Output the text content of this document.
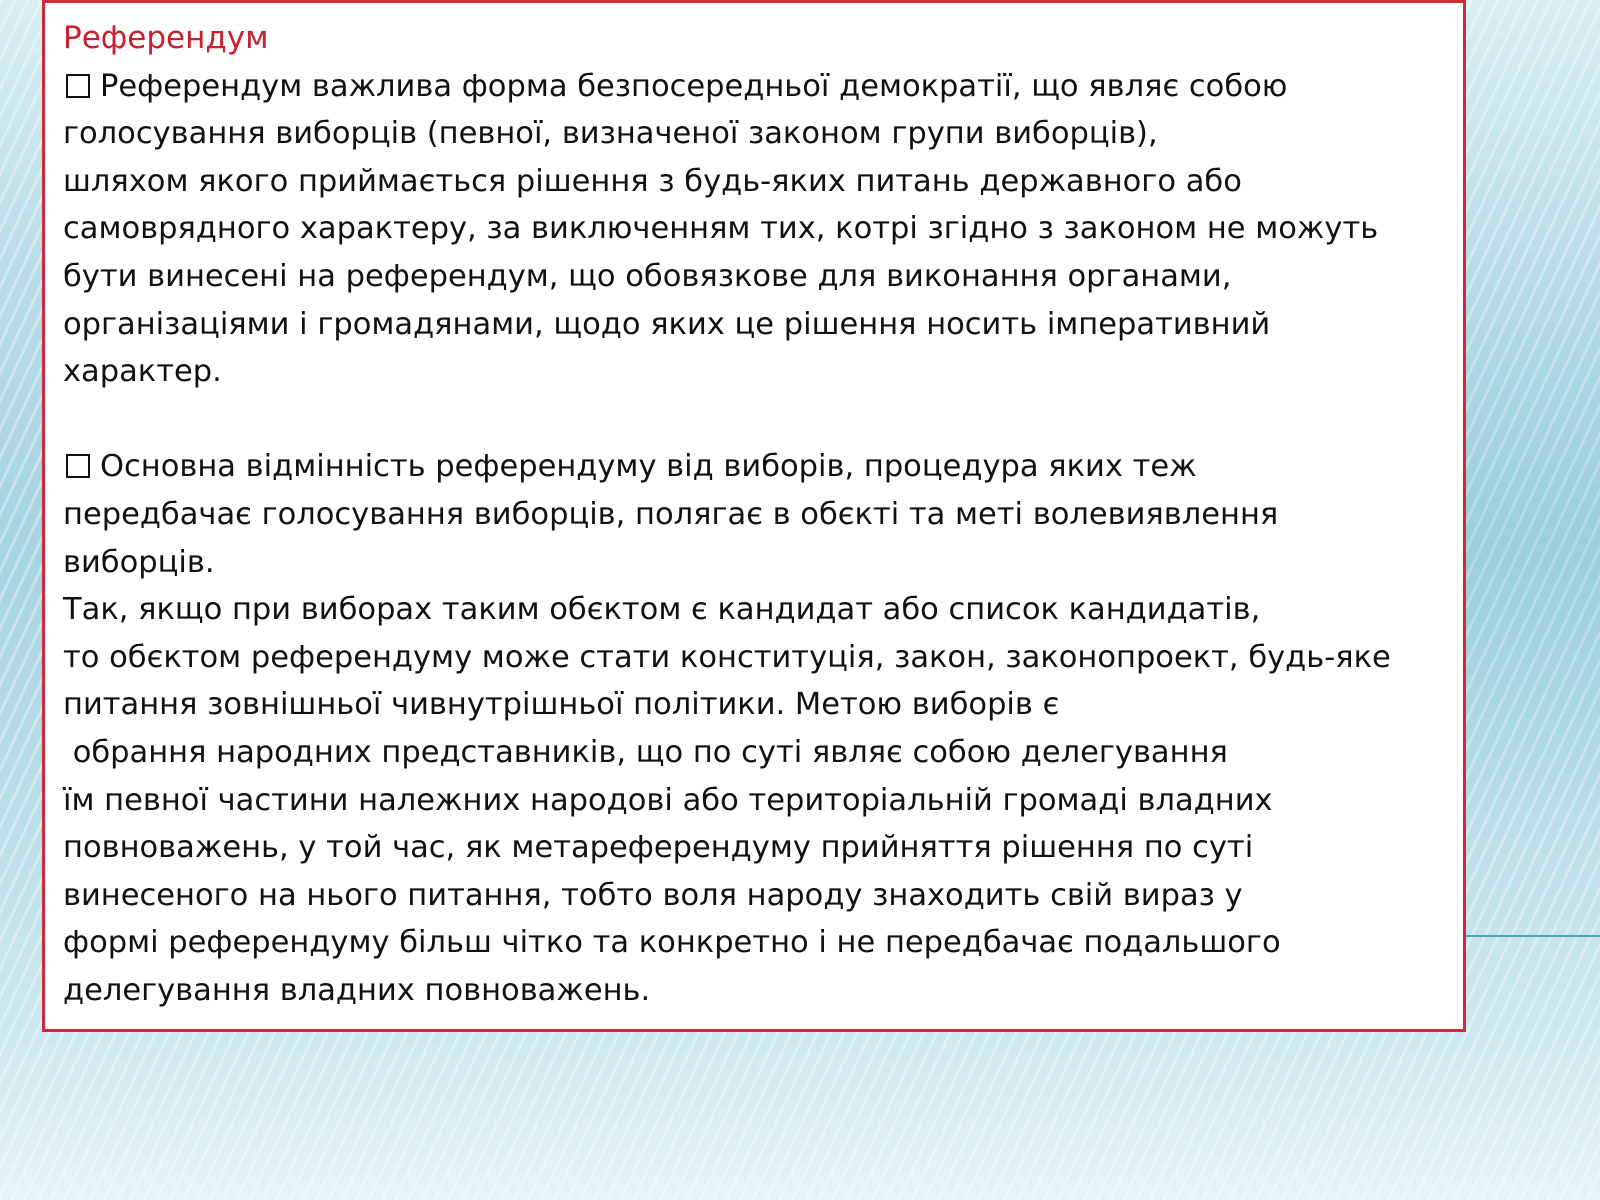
Референдум
Референдум важлива форма безпосередньої демократії, що являє собою
голосування виборців (певної, визначеної законом групи виборців),
шляхом якого приймається рішення з будь-яких питань державного або
самоврядного характеру, за виключенням тих, котрі згідно з законом не можуть
бути винесені на референдум, що обовязкове для виконання органами,
організаціями і громадянами, щодо яких це рішення носить імперативний
характер.
Основна відмінність референдуму від виборів, процедура яких теж
передбачає голосування виборців, полягає в обєкті та меті волевиявлення
виборців.
Так, якщо при виборах таким обєктом є кандидат або список кандидатів,
то обєктом референдуму може стати конституція, закон, законопроект, будь-яке
питання зовнішньої чивнутрішньої політики. Метою виборів є
обрання народних представників, що по суті являє собою делегування
їм певної частини належних народові або територіальній громаді владних
повноважень, у той час, як метареферендуму прийняття рішення по суті
винесеного на нього питання, тобто воля народу знаходить свій вираз у
формі референдуму більш чітко та конкретно і не передбачає подальшого
делегування владних повноважень.
